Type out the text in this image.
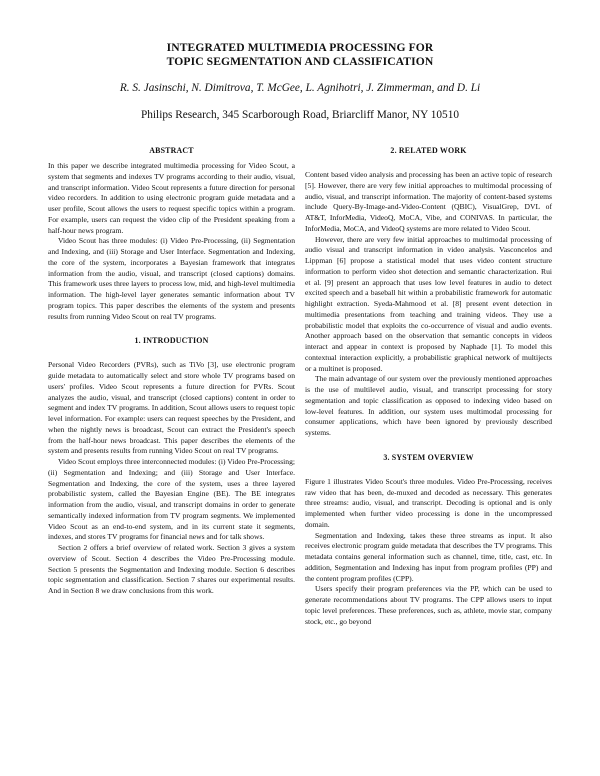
INTEGRATED MULTIMEDIA PROCESSING FOR
TOPIC SEGMENTATION AND CLASSIFICATION
R. S. Jasinschi, N. Dimitrova, T. McGee, L. Agnihotri, J. Zimmerman, and D. Li
Philips Research, 345 Scarborough Road, Briarcliff Manor, NY 10510
ABSTRACT

In this paper we describe integrated multimedia processing for Video Scout, a system that segments and indexes TV programs according to their audio, visual, and transcript information. Video Scout represents a future direction for personal video recorders. In addition to using electronic program guide metadata and a user profile, Scout allows the users to request specific topics within a program. For example, users can request the video clip of the President speaking from a half-hour news program.

Video Scout has three modules: (i) Video Pre-Processing, (ii) Segmentation and Indexing, and (iii) Storage and User Interface. Segmentation and Indexing, the core of the system, incorporates a Bayesian framework that integrates information from the audio, visual, and transcript (closed captions) domains. This framework uses three layers to process low, mid, and high-level multimedia information. The high-level layer generates semantic information about TV program topics. This paper describes the elements of the system and presents results from running Video Scout on real TV programs.

1. INTRODUCTION

Personal Video Recorders (PVRs), such as TiVo [3], use electronic program guide metadata to automatically select and store whole TV programs based on users' profiles. Video Scout represents a future direction for PVRs. Scout analyzes the audio, visual, and transcript (closed captions) content in order to segment and index TV programs. In addition, Scout allows users to request topic level information. For example: users can request speeches by the President, and when the nightly news is broadcast, Scout can extract the President's speech from the half-hour news broadcast. This paper describes the elements of the system and presents results from running Video Scout on real TV programs.

Video Scout employs three interconnected modules: (i) Video Pre-Processing; (ii) Segmentation and Indexing; and (iii) Storage and User Interface. Segmentation and Indexing, the core of the system, uses a three layered probabilistic system, called the Bayesian Engine (BE). The BE integrates information from the audio, visual, and transcript domains in order to generate semantically indexed information from TV program segments. We implemented Video Scout as an end-to-end system, and in its current state it segments, indexes, and stores TV programs for financial news and for talk shows.

Section 2 offers a brief overview of related work. Section 3 gives a system overview of Scout. Section 4 describes the Video Pre-Processing module. Section 5 presents the Segmentation and Indexing module. Section 6 describes topic segmentation and classification. Section 7 shares our experimental results. And in Section 8 we draw conclusions from this work.

2. RELATED WORK

Content based video analysis and processing has been an active topic of research [5]. However, there are very few initial approaches to multimodal processing of audio, visual, and transcript information. The majority of content-based systems include Query-By-Image-and-Video-Content (QBIC), VisualGrep, DVL of AT&T, InforMedia, VideoQ, MoCA, Vibe, and CONIVAS. In particular, the InforMedia, MoCA, and VideoQ systems are more related to Video Scout.

However, there are very few initial approaches to multimodal processing of audio visual and transcript information in video analysis. Vasconcelos and Lippman [6] propose a statistical model that uses video content structure information to perform video shot detection and semantic characterization. Rui et al. [9] present an approach that uses low level features in audio to detect excited speech and a baseball hit within a probabilistic framework for automatic highlight extraction. Syeda-Mahmood et al. [8] present event detection in multimedia presentations from teaching and training videos. They use a probabilistic model that exploits the co-occurrence of visual and audio events. Another approach based on the observation that semantic concepts in videos interact and appear in context is proposed by Naphade [1]. To model this contextual interaction explicitly, a probabilistic graphical network of multijects or a multinet is proposed.

The main advantage of our system over the previously mentioned approaches is the use of multilevel audio, visual, and transcript processing for story segmentation and topic classification as opposed to indexing video based on low-level features. In addition, our system uses multimodal processing for consumer applications, which have been ignored by previously described systems.

3. SYSTEM OVERVIEW

Figure 1 illustrates Video Scout's three modules. Video Pre-Processing, receives raw video that has been, de-muxed and decoded as necessary. This generates three streams: audio, visual, and transcript. Decoding is optional and is only implemented when further video processing is done in the uncompressed domain.

Segmentation and Indexing, takes these three streams as input. It also receives electronic program guide metadata that describes the TV programs. This metadata contains general information such as channel, time, title, cast, etc. In addition, Segmentation and Indexing has input from program profiles (PP) and the content program profiles (CPP).

Users specify their program preferences via the PP, which can be used to generate recommendations about TV programs. The CPP allows users to input topic level preferences. These preferences, such as, athlete, movie star, company stock, etc., go beyond
